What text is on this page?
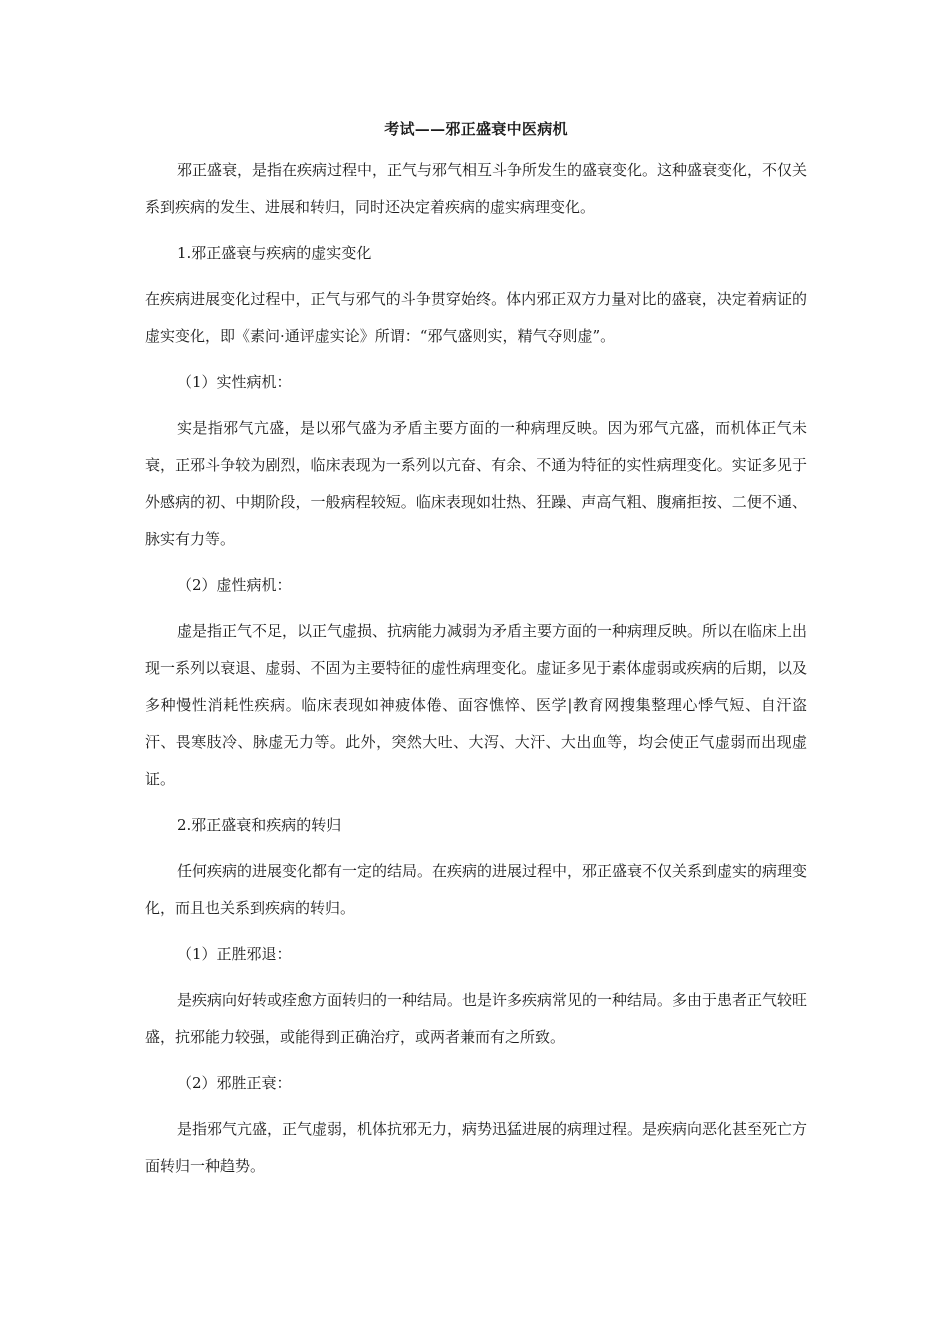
考试——邪正盛衰中医病机

邪正盛衰，是指在疾病过程中，正气与邪气相互斗争所发生的盛衰变化。这种盛衰变化，不仅关系到疾病的发生、进展和转归，同时还决定着疾病的虚实病理变化。

1.邪正盛衰与疾病的虚实变化

在疾病进展变化过程中，正气与邪气的斗争贯穿始终。体内邪正双方力量对比的盛衰，决定着病证的虚实变化，即《素问·通评虚实论》所谓：“邪气盛则实，精气夺则虚”。

（1）实性病机：

实是指邪气亢盛，是以邪气盛为矛盾主要方面的一种病理反映。因为邪气亢盛，而机体正气未衰，正邪斗争较为剧烈，临床表现为一系列以亢奋、有余、不通为特征的实性病理变化。实证多见于外感病的初、中期阶段，一般病程较短。临床表现如壮热、狂躁、声高气粗、腹痛拒按、二便不通、脉实有力等。

（2）虚性病机：

虚是指正气不足，以正气虚损、抗病能力减弱为矛盾主要方面的一种病理反映。所以在临床上出现一系列以衰退、虚弱、不固为主要特征的虚性病理变化。虚证多见于素体虚弱或疾病的后期，以及多种慢性消耗性疾病。临床表现如神疲体倦、面容憔悴、医学|教育网搜集整理心悸气短、自汗盗汗、畏寒肢冷、脉虚无力等。此外，突然大吐、大泻、大汗、大出血等，均会使正气虚弱而出现虚证。

2.邪正盛衰和疾病的转归

任何疾病的进展变化都有一定的结局。在疾病的进展过程中，邪正盛衰不仅关系到虚实的病理变化，而且也关系到疾病的转归。

（1）正胜邪退：

是疾病向好转或痊愈方面转归的一种结局。也是许多疾病常见的一种结局。多由于患者正气较旺盛，抗邪能力较强，或能得到正确治疗，或两者兼而有之所致。

（2）邪胜正衰：

是指邪气亢盛，正气虚弱，机体抗邪无力，病势迅猛进展的病理过程。是疾病向恶化甚至死亡方面转归一种趋势。
